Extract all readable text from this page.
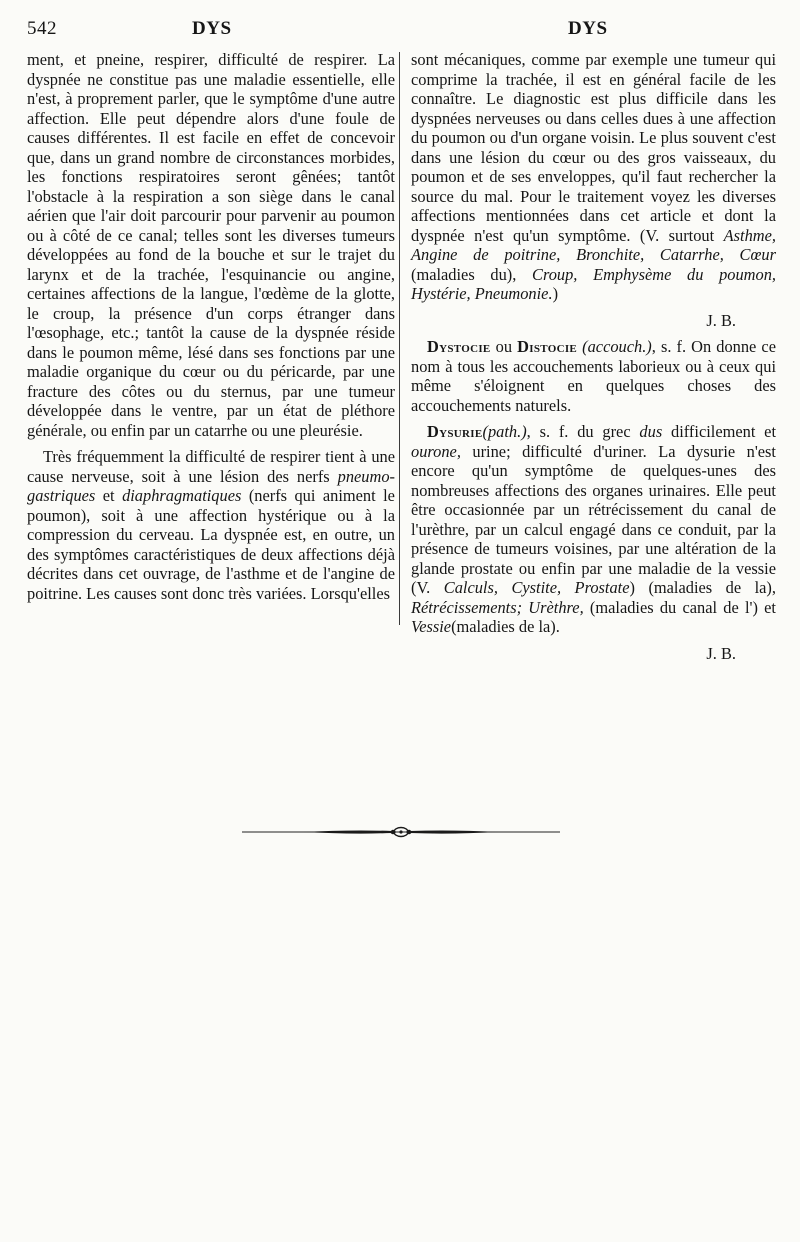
542	DYS	DYS

ment, et pneine, respirer, difficulté de respirer. La dyspnée ne constitue pas une maladie essentielle, elle n'est, à proprement parler, que le symptôme d'une autre affection. Elle peut dépendre alors d'une foule de causes différentes. Il est facile en effet de concevoir que, dans un grand nombre de circonstances morbides, les fonctions respiratoires seront gênées; tantôt l'obstacle à la respiration a son siège dans le canal aérien que l'air doit parcourir pour parvenir au poumon ou à côté de ce canal; telles sont les diverses tumeurs développées au fond de la bouche et sur le trajet du larynx et de la trachée, l'esquinancie ou angine, certaines affections de la langue, l'œdème de la glotte, le croup, la présence d'un corps étranger dans l'œsophage, etc.; tantôt la cause de la dyspnée réside dans le poumon même, lésé dans ses fonctions par une maladie organique du cœur ou du péricarde, par une fracture des côtes ou du sternus, par une tumeur développée dans le ventre, par un état de pléthore générale, ou enfin par un catarrhe ou une pleurésie.

Très fréquemment la difficulté de respirer tient à une cause nerveuse, soit à une lésion des nerfs pneumo-gastriques et diaphragmatiques (nerfs qui animent le poumon), soit à une affection hystérique ou à la compression du cerveau. La dyspnée est, en outre, un des symptômes caractéristiques de deux affections déjà décrites dans cet ouvrage, de l'asthme et de l'angine de poitrine. Les causes sont donc très variées. Lorsqu'elles

sont mécaniques, comme par exemple une tumeur qui comprime la trachée, il est en général facile de les connaître. Le diagnostic est plus difficile dans les dyspnées nerveuses ou dans celles dues à une affection du poumon ou d'un organe voisin. Le plus souvent c'est dans une lésion du cœur ou des gros vaisseaux, du poumon et de ses enveloppes, qu'il faut rechercher la source du mal. Pour le traitement voyez les diverses affections mentionnées dans cet article et dont la dyspnée n'est qu'un symptôme. (V. surtout Asthme, Angine de poitrine, Bronchite, Catarrhe, Cœur (maladies du), Croup, Emphysème du poumon, Hystérie, Pneumonie.)

J. B.

Dystocie ou Distocie (accouch.), s. f. On donne ce nom à tous les accouchements laborieux ou à ceux qui même s'éloignent en quelques choses des accouchements naturels.

Dysurie(path.), s. f. du grec dus difficilement et ourone, urine; difficulté d'uriner. La dysurie n'est encore qu'un symptôme de quelques-unes des nombreuses affections des organes urinaires. Elle peut être occasionnée par un rétrécissement du canal de l'urèthre, par un calcul engagé dans ce conduit, par la présence de tumeurs voisines, par une altération de la glande prostate ou enfin par une maladie de la vessie (V. Calculs, Cystite, Prostate) (maladies de la), Rétrécissements; Urèthre, (maladies du canal de l') et Vessie(maladies de la).

J. B.
